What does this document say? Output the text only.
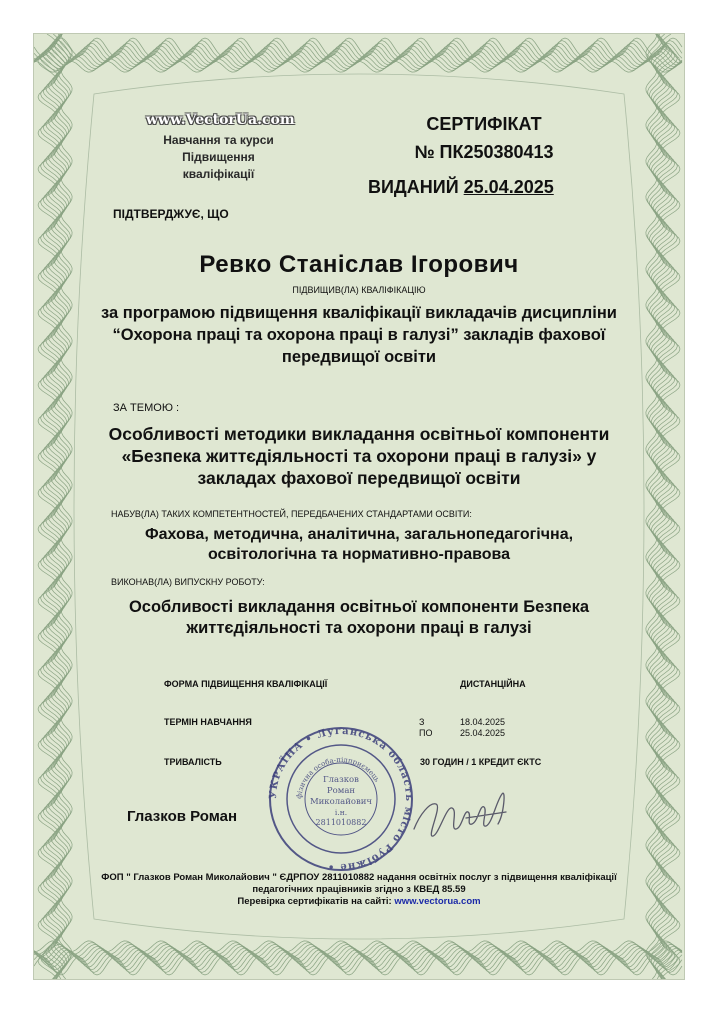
www.VectorUa.com
Навчання та курси
Підвищення
кваліфікації
СЕРТИФІКАТ
№ ПК250380413
ВИДАНИЙ 25.04.2025
ПІДТВЕРДЖУЄ, ЩО
Ревко Станіслав Ігорович
ПІДВИЩИВ(ЛА) КВАЛІФІКАЦІЮ
за програмою підвищення кваліфікації викладачів дисципліни “Охорона праці та охорона праці в галузі” закладів фахової передвищої освіти
ЗА ТЕМОЮ :
Особливості методики викладання освітньої компоненти «Безпека життєдіяльності та охорони праці в галузі» у закладах фахової передвищої освіти
НАБУВ(ЛА) ТАКИХ КОМПЕТЕНТНОСТЕЙ, ПЕРЕДБАЧЕНИХ СТАНДАРТАМИ ОСВІТИ:
Фахова, методична, аналітична, загальнопедагогічна, освітологічна та нормативно-правова
ВИКОНАВ(ЛА) ВИПУСКНУ РОБОТУ:
Особливості викладання освітньої компоненти Безпека життєдіяльності та охорони праці в галузі
ФОРМА ПІДВИЩЕННЯ КВАЛІФІКАЦІЇ	ДИСТАНЦІЙНА
ТЕРМІН НАВЧАННЯ	З	18.04.2025
ПО	25.04.2025
ТРИВАЛІСТЬ	30 ГОДИН / 1 КРЕДИТ ЄКТС
Глазков Роман
УКРАЇНА • Луганська область місто Рубіжне •
фізична особа-підприємець
Глазков
Роман
Миколайович
і.н.
2811010882
ФОП " Глазков Роман Миколайович " ЄДРПОУ 2811010882 надання освітніх послуг з підвищення кваліфікації педагогічних працівників згідно з КВЕД 85.59
Перевірка сертифікатів на сайті: www.vectorua.com
